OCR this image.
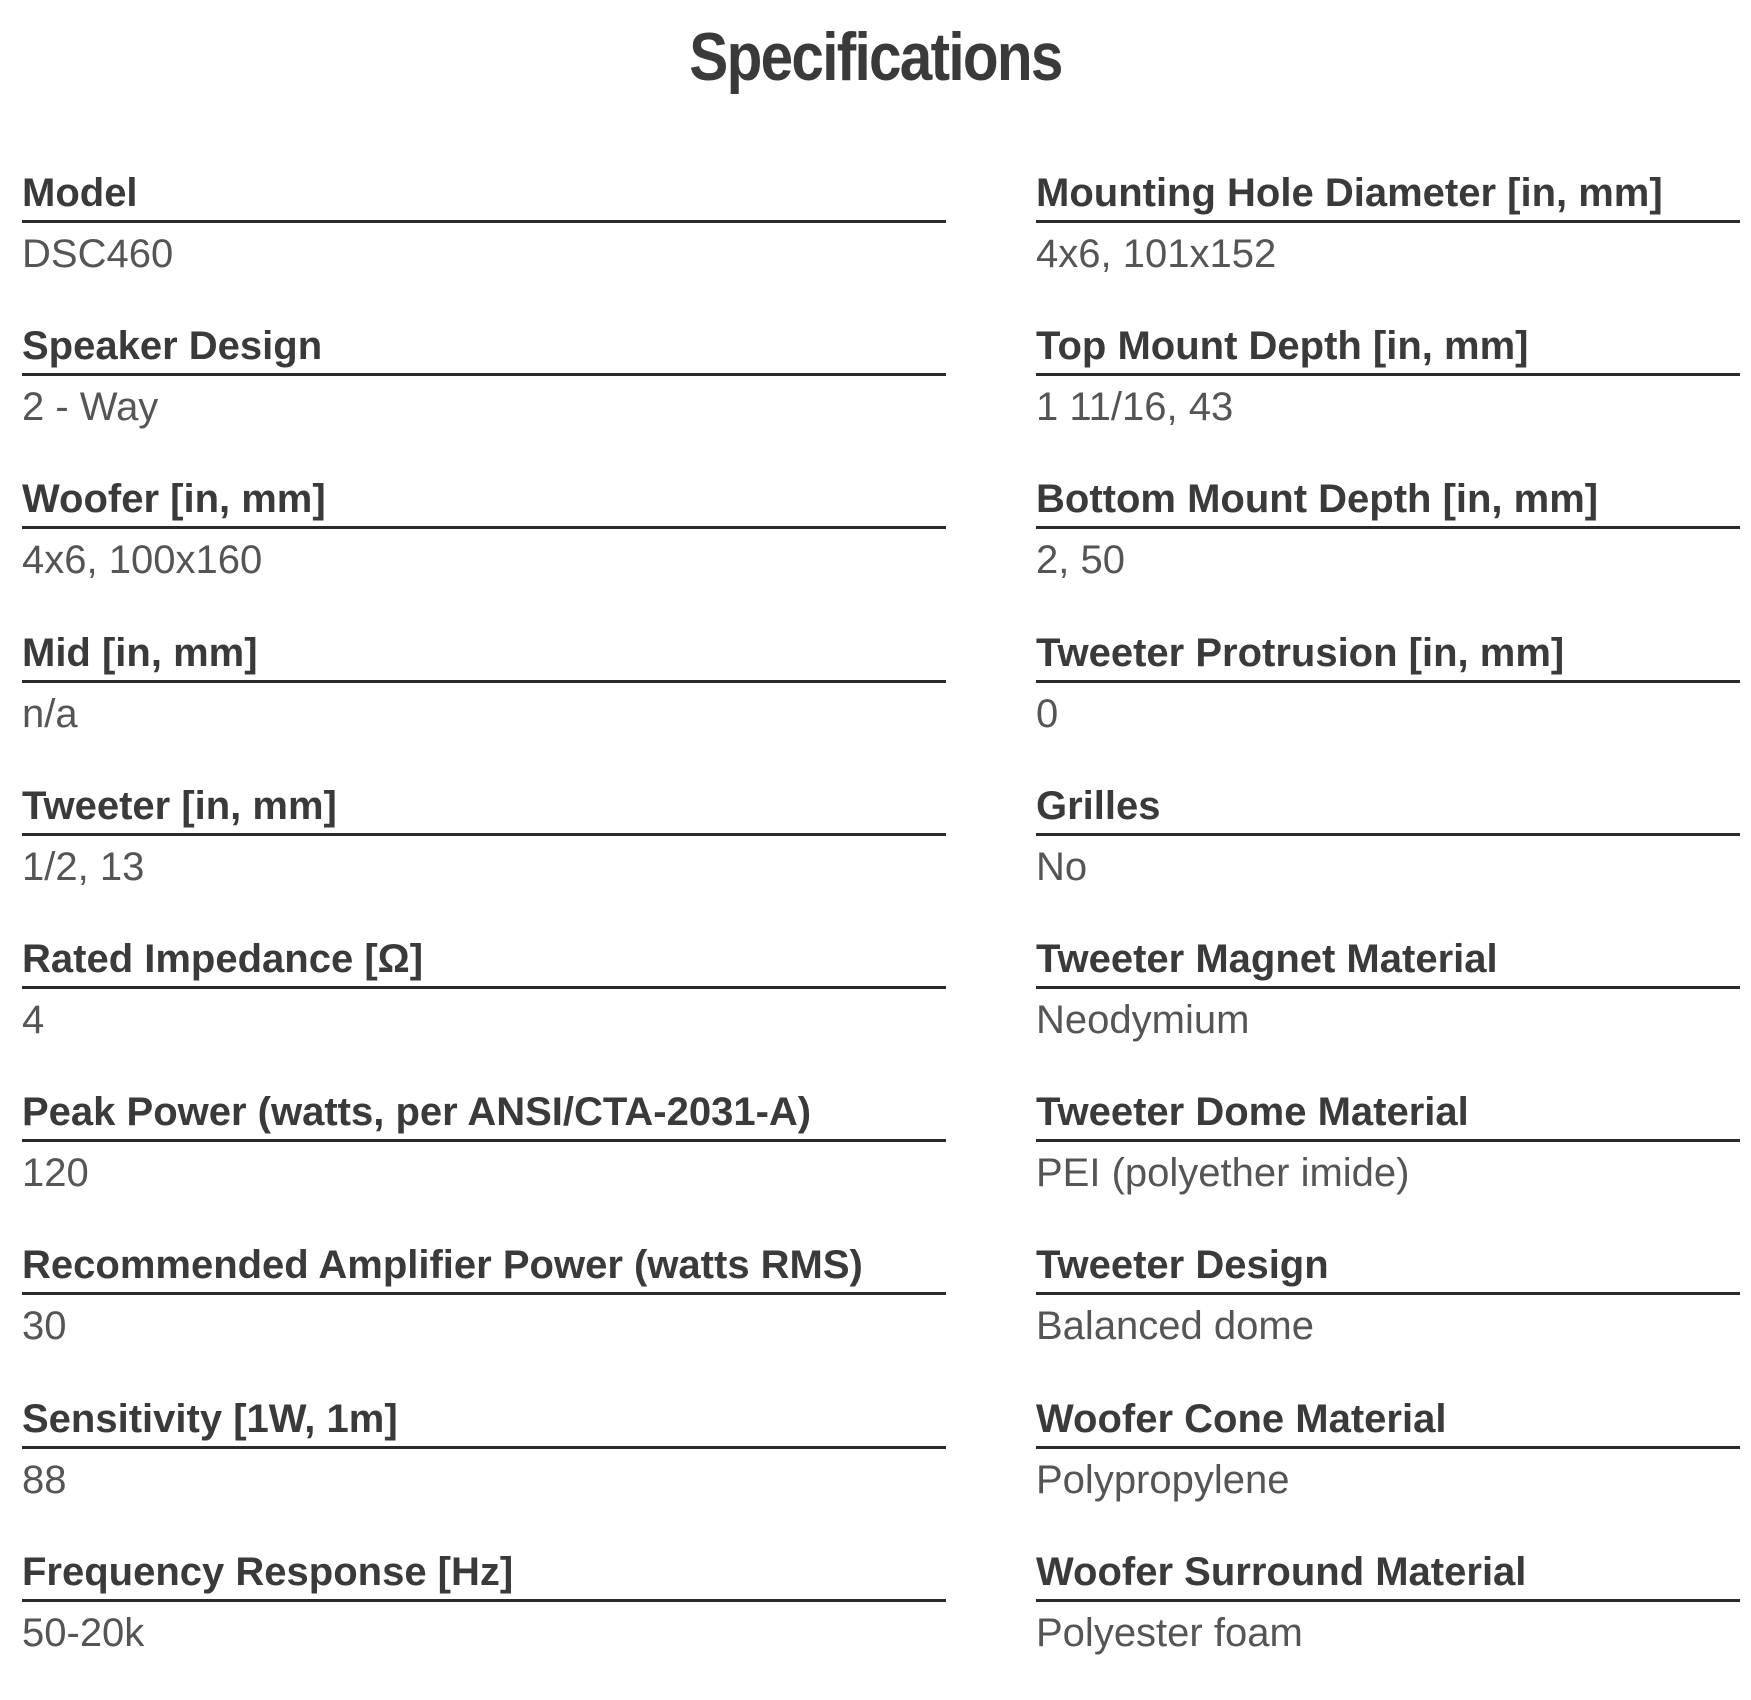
Specifications
Model
DSC460
Speaker Design
2 - Way
Woofer [in, mm]
4x6, 100x160
Mid [in, mm]
n/a
Tweeter [in, mm]
1/2, 13
Rated Impedance [Ω]
4
Peak Power (watts, per ANSI/CTA-2031-A)
120
Recommended Amplifier Power (watts RMS)
30
Sensitivity [1W, 1m]
88
Frequency Response [Hz]
50-20k
Mounting Hole Diameter [in, mm]
4x6, 101x152
Top Mount Depth [in, mm]
1 11/16, 43
Bottom Mount Depth [in, mm]
2, 50
Tweeter Protrusion [in, mm]
0
Grilles
No
Tweeter Magnet Material
Neodymium
Tweeter Dome Material
PEI (polyether imide)
Tweeter Design
Balanced dome
Woofer Cone Material
Polypropylene
Woofer Surround Material
Polyester foam
